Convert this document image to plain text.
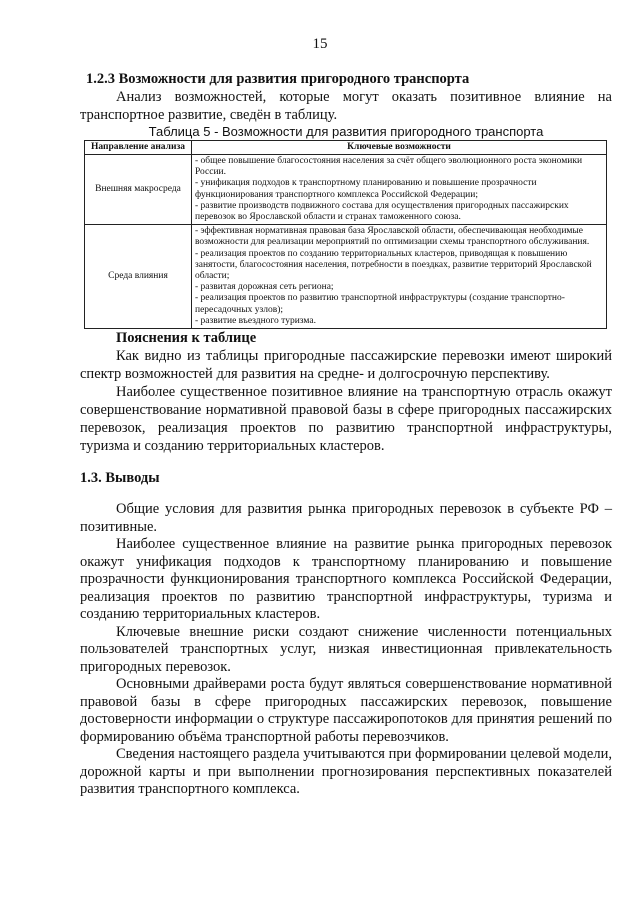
15
1.2.3 Возможности для развития пригородного транспорта

Анализ возможностей, которые могут оказать позитивное влияние на транспортное развитие, сведён в таблицу.

Таблица 5 - Возможности для развития пригородного транспорта
Направление анализа	Ключевые возможности
Внешняя макросреда	- общее повышение благосостояния населения за счёт общего эволюционного роста экономики России.
- унификация подходов к транспортному планированию и повышение прозрачности функционирования транспортного комплекса Российской Федерации;
- развитие производств подвижного состава для осуществления пригородных пассажирских перевозок во Ярославской области и странах таможенного союза.

Среда влияния	- эффективная нормативная правовая база Ярославской области, обеспечивающая необходимые возможности для реализации мероприятий по оптимизации схемы транспортного обслуживания.
- реализация проектов по созданию территориальных кластеров, приводящая к повышению занятости, благосостояния населения, потребности в поездках, развитие территорий Ярославской области;
- развитая дорожная сеть региона;
- реализация проектов по развитию транспортной инфраструктуры (создание транспортно-пересадочных узлов);
- развитие въездного туризма.
Пояснения к таблице

Как видно из таблицы пригородные пассажирские перевозки имеют широкий спектр возможностей для развития на средне- и долгосрочную перспективу.

Наиболее существенное позитивное влияние на транспортную отрасль окажут совершенствование нормативной правовой базы в сфере пригородных пассажирских перевозок, реализация проектов по развитию транспортной инфраструктуры, туризма и созданию территориальных кластеров.

1.3. Выводы

Общие условия для развития рынка пригородных перевозок в субъекте РФ – позитивные.

Наиболее существенное влияние на развитие рынка пригородных перевозок окажут унификация подходов к транспортному планированию и повышение прозрачности функционирования транспортного комплекса Российской Федерации, реализация проектов по развитию транспортной инфраструктуры, туризма и созданию территориальных кластеров.

Ключевые внешние риски создают снижение численности потенциальных пользователей транспортных услуг, низкая инвестиционная привлекательность пригородных перевозок.

Основными драйверами роста будут являться совершенствование нормативной правовой базы в сфере пригородных пассажирских перевозок, повышение достоверности информации о структуре пассажиропотоков для принятия решений по формированию объёма транспортной работы перевозчиков.

Сведения настоящего раздела учитываются при формировании целевой модели, дорожной карты и при выполнении прогнозирования перспективных показателей развития транспортного комплекса.
